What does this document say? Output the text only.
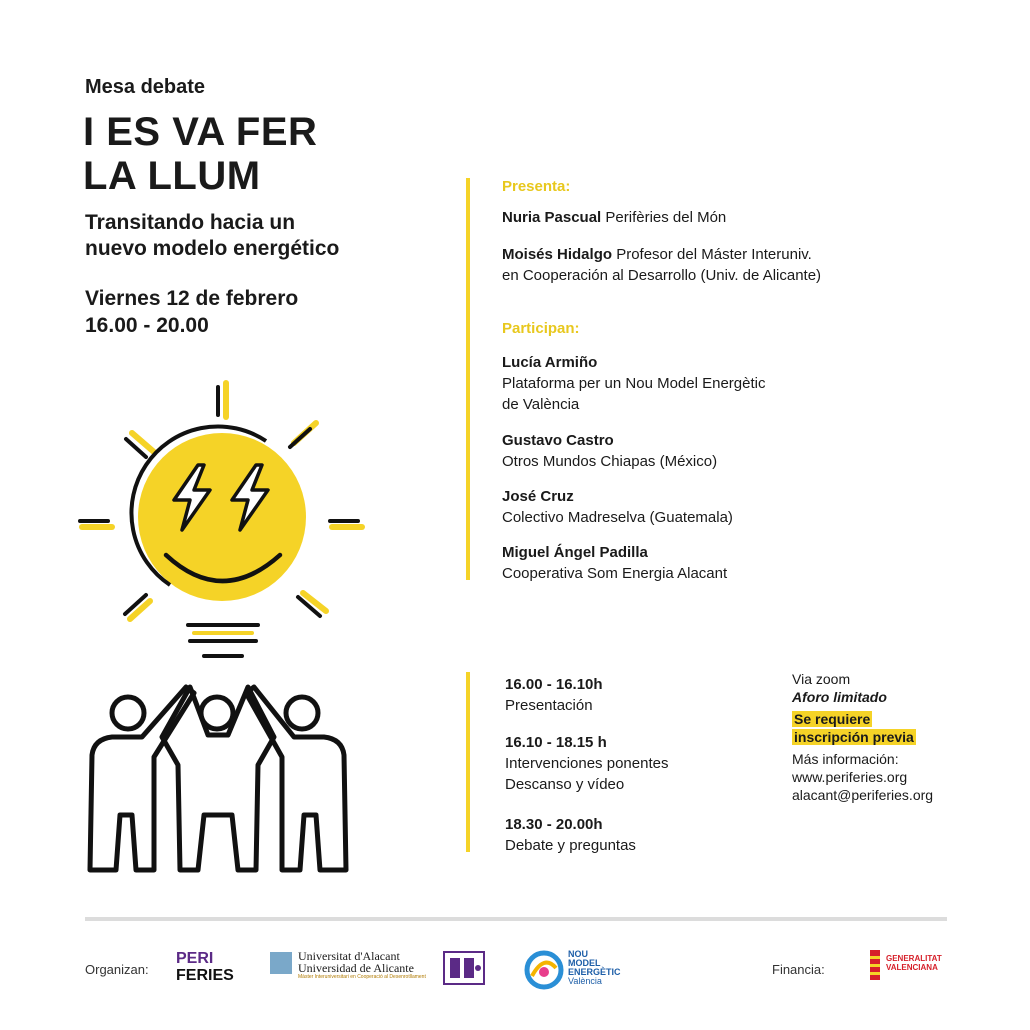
Mesa debate
I ES VA FER
LA LLUM
Transitando hacia un
nuevo modelo energético
Viernes 12 de febrero
16.00 - 20.00
Presenta:
Nuria Pascual Perifèries del Món
Moisés Hidalgo Profesor del Máster Interuniv.
en Cooperación al Desarrollo (Univ. de Alicante)
Participan:
Lucía Armiño
Plataforma per un Nou Model Energètic
de València
Gustavo Castro
Otros Mundos Chiapas (México)
José Cruz
Colectivo Madreselva (Guatemala)
Miguel Ángel Padilla
Cooperativa Som Energia Alacant
16.00 - 16.10h
Presentación
16.10 - 18.15 h
Intervenciones ponentes
Descanso y vídeo
18.30 - 20.00h
Debate y preguntas
Via zoom
Aforo limitado
Se requiere
inscripción previa
Más información:
www.periferies.org
alacant@periferies.org
Organizan:
PERI
FERIES
Universitat d'Alacant
Universidad de Alicante
Màster Interuniversitari en Cooperació al Desenrotllament
NOU
MODEL
ENERGÈTIC
València
Financia:
GENERALITAT
VALENCIANA
